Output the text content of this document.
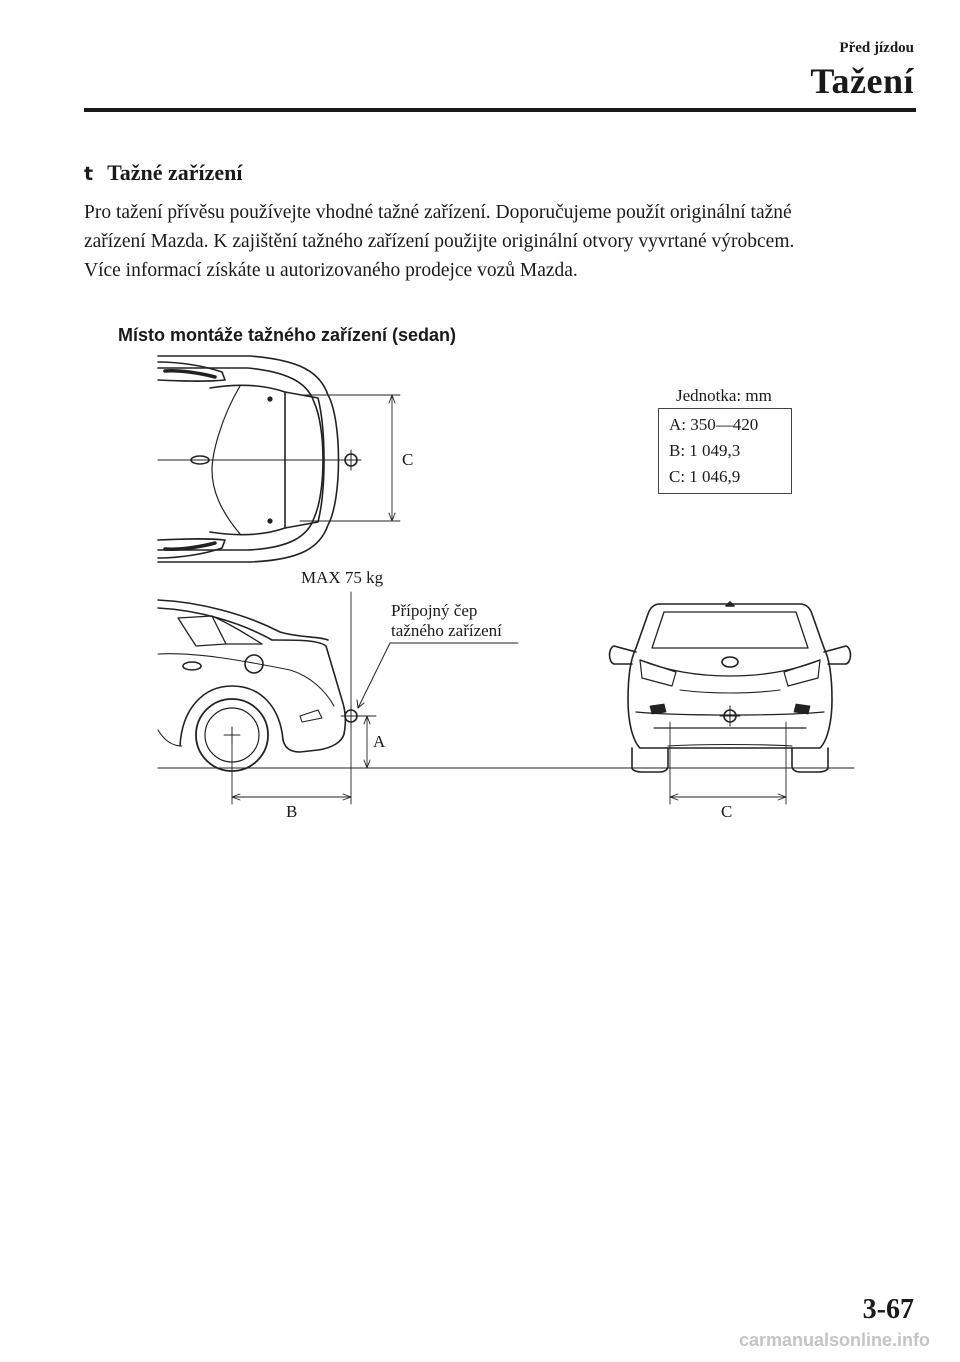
Před jízdou
Tažení
t Tažné zařízení

Pro tažení přívěsu používejte vhodné tažné zařízení. Doporučujeme použít originální tažné

zařízení Mazda. K zajištění tažného zařízení použijte originální otvory vyvrtané výrobcem.

Více informací získáte u autorizovaného prodejce vozů Mazda.

Místo montáže tažného zařízení (sedan)
Jednotka: mm
A: 350—420
B: 1 049,3
C: 1 046,9
MAX 75 kg
Přípojný čep
tažného zařízení
C
A
B	C
3-67
carmanualsonline.info
